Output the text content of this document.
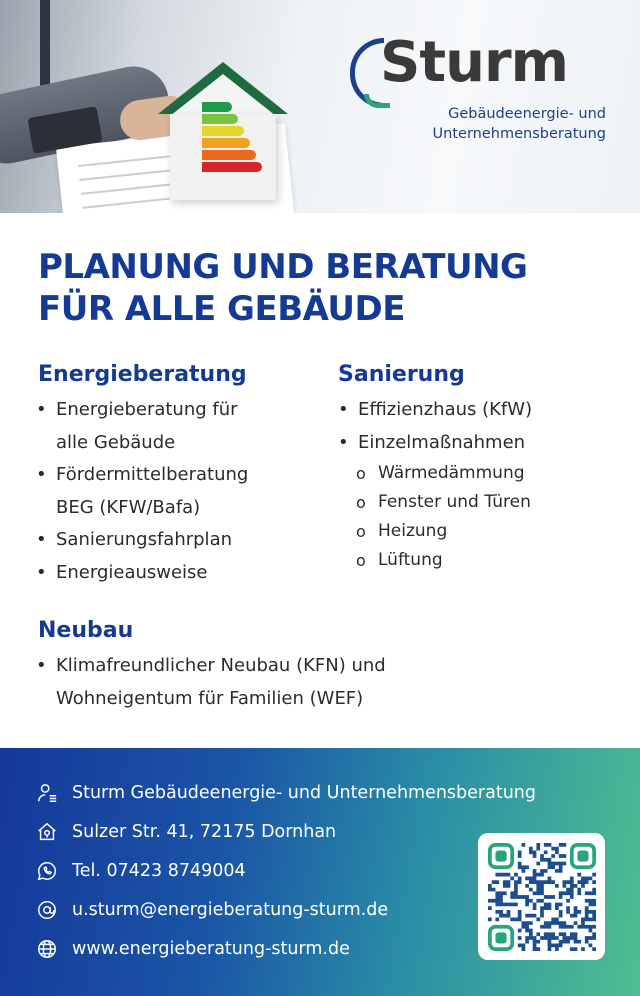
Sturm
Gebäudeenergie- und
Unternehmensberatung
PLANUNG UND BERATUNG
FÜR ALLE GEBÄUDE
Energieberatung
• Energieberatung für
alle Gebäude
• Fördermittelberatung
BEG (KFW/Bafa)
• Sanierungsfahrplan
• Energieausweise
Sanierung
• Effizienzhaus (KfW)
• Einzelmaßnahmen
o Wärmedämmung
o Fenster und Türen
o Heizung
o Lüftung
Neubau
• Klimafreundlicher Neubau (KFN) und
Wohneigentum für Familien (WEF)
Sturm Gebäudeenergie- und Unternehmensberatung
Sulzer Str. 41, 72175 Dornhan
Tel. 07423 8749004
u.sturm@energieberatung-sturm.de
www.energieberatung-sturm.de
